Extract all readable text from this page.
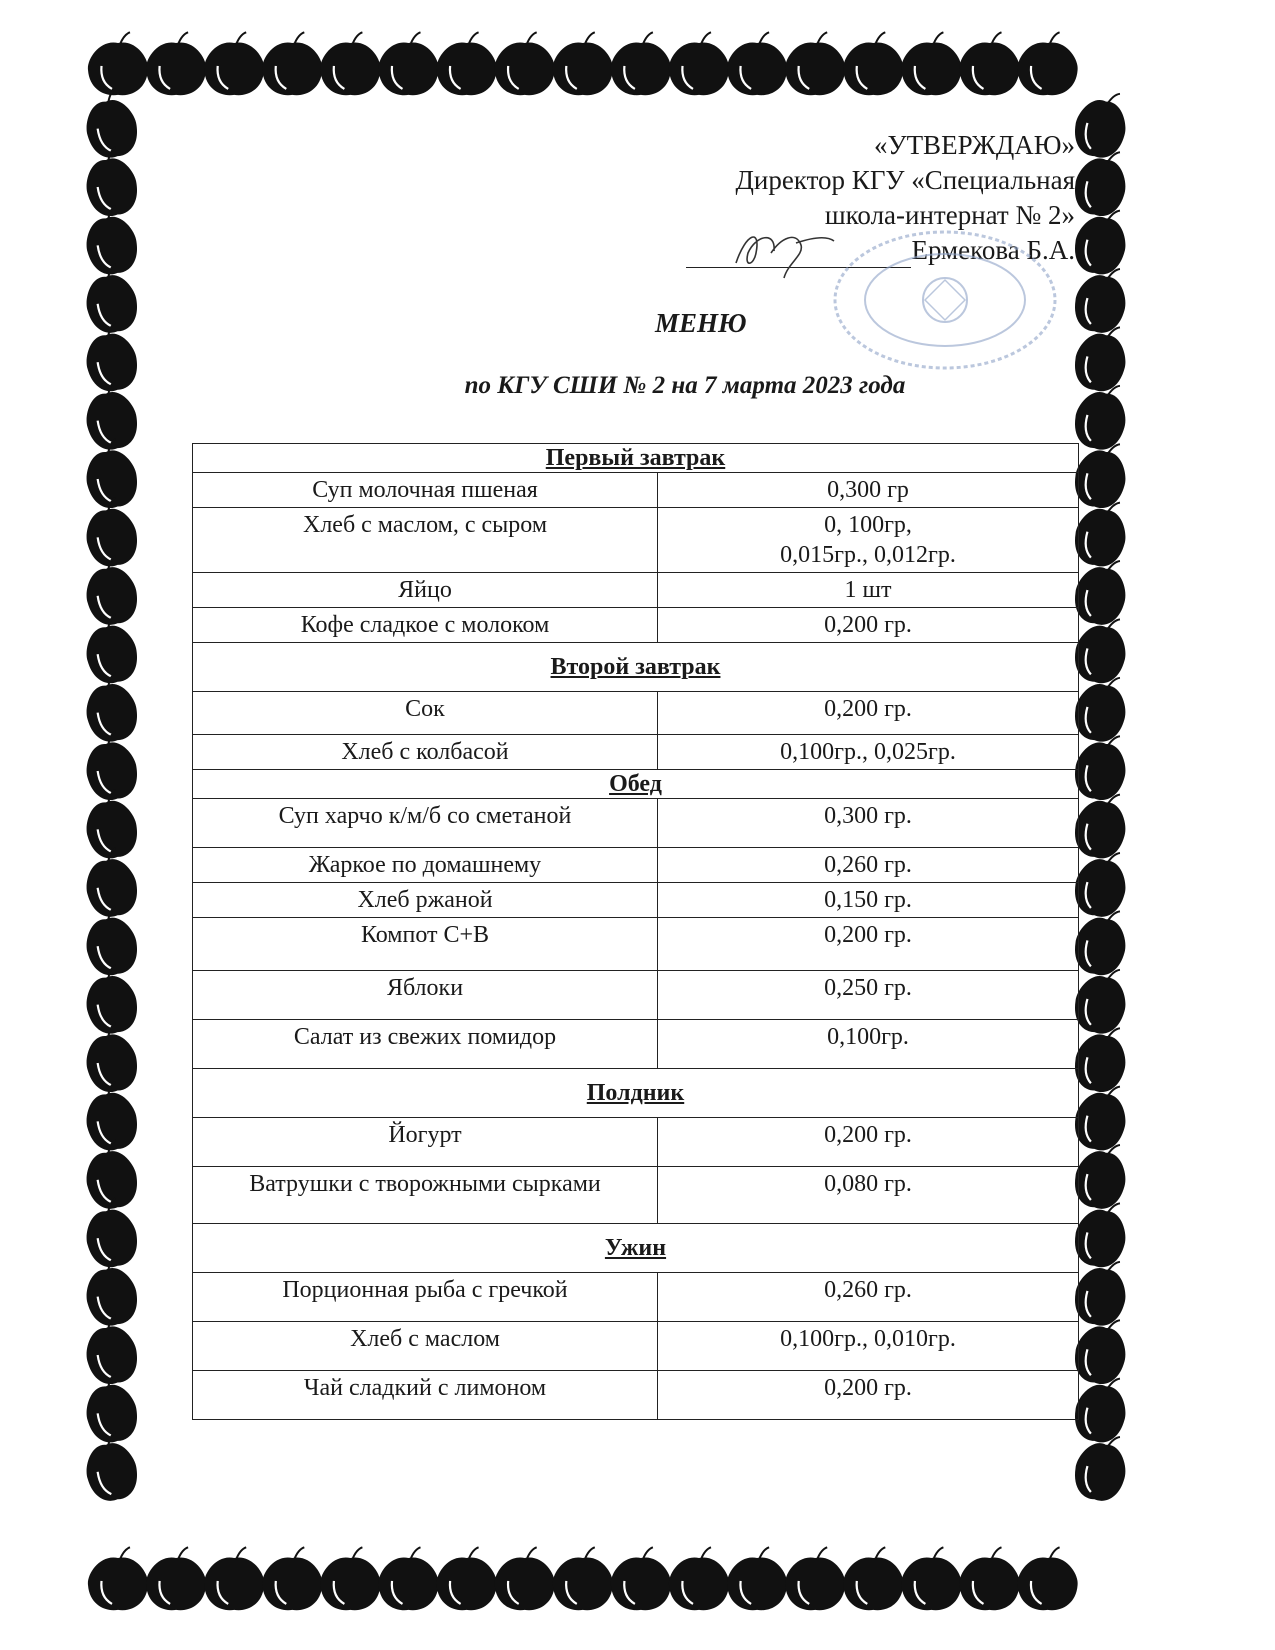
«УТВЕРЖДАЮ»
Директор КГУ «Специальная
школа-интернат № 2»
Ермекова Б.А.
МЕНЮ
по КГУ СШИ № 2 на 7 марта 2023 года
Первый завтрак
Суп молочная пшеная	0,300 гр
Хлеб с маслом, с сыром	0, 100гр, 0,015гр., 0,012гр.
Яйцо	1 шт
Кофе сладкое с молоком	0,200 гр.
Второй завтрак
Сок	0,200 гр.
Хлеб с колбасой	0,100гр., 0,025гр.
Обед
Суп харчо к/м/б со сметаной	0,300 гр.
Жаркое по домашнему	0,260 гр.
Хлеб ржаной	0,150 гр.
Компот С+В	0,200 гр.
Яблоки	0,250 гр.
Салат из свежих помидор	0,100гр.
Полдник
Йогурт	0,200 гр.
Ватрушки с творожными сырками	0,080 гр.
Ужин
Порционная рыба с гречкой	0,260 гр.
Хлеб с маслом	0,100гр., 0,010гр.
Чай сладкий с лимоном	0,200 гр.
